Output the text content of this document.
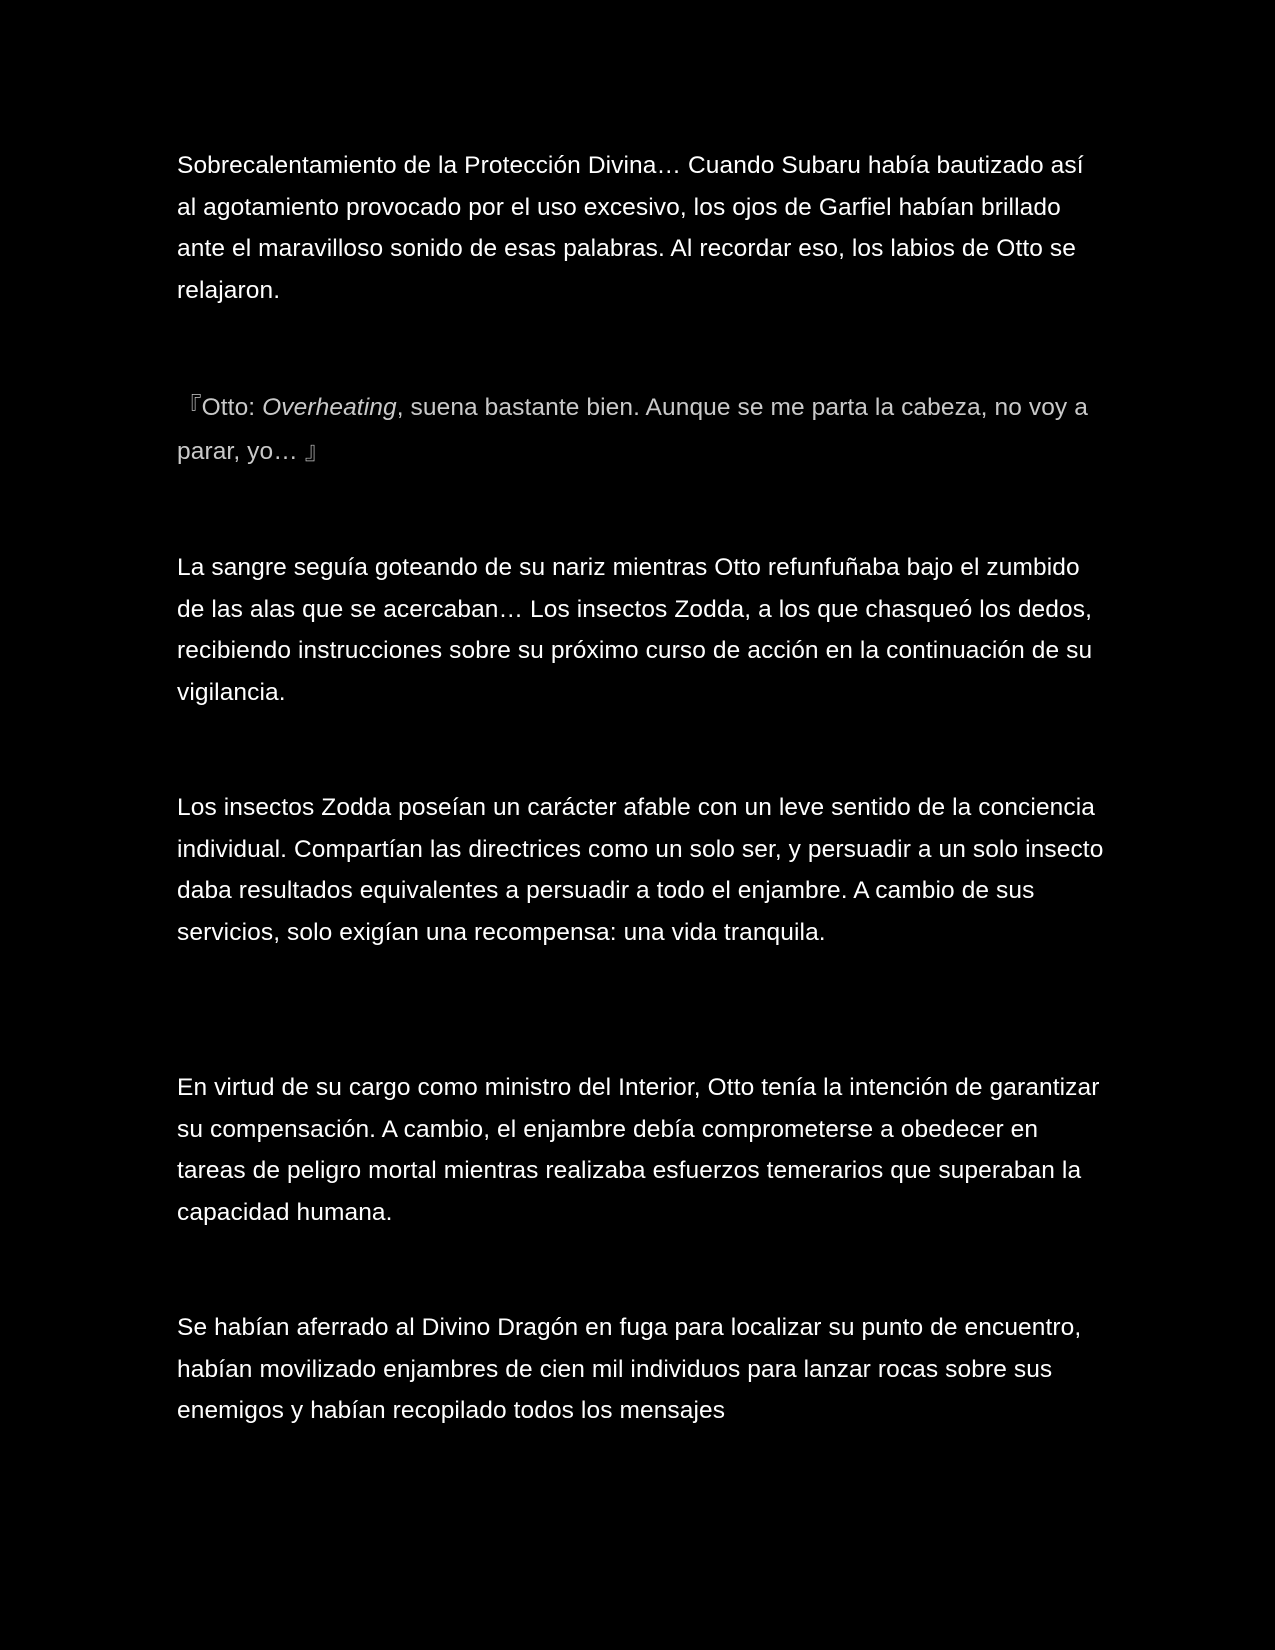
Sobrecalentamiento de la Protección Divina… Cuando Subaru había bautizado así al agotamiento provocado por el uso excesivo, los ojos de Garfiel habían brillado ante el maravilloso sonido de esas palabras. Al recordar eso, los labios de Otto se relajaron.

『Otto: Overheating, suena bastante bien. Aunque se me parta la cabeza, no voy a parar, yo… 』

La sangre seguía goteando de su nariz mientras Otto refunfuñaba bajo el zumbido de las alas que se acercaban… Los insectos Zodda, a los que chasqueó los dedos, recibiendo instrucciones sobre su próximo curso de acción en la continuación de su vigilancia.

Los insectos Zodda poseían un carácter afable con un leve sentido de la conciencia individual. Compartían las directrices como un solo ser, y persuadir a un solo insecto daba resultados equivalentes a persuadir a todo el enjambre. A cambio de sus servicios, solo exigían una recompensa: una vida tranquila.

En virtud de su cargo como ministro del Interior, Otto tenía la intención de garantizar su compensación. A cambio, el enjambre debía comprometerse a obedecer en tareas de peligro mortal mientras realizaba esfuerzos temerarios que superaban la capacidad humana.

Se habían aferrado al Divino Dragón en fuga para localizar su punto de encuentro, habían movilizado enjambres de cien mil individuos para lanzar rocas sobre sus enemigos y habían recopilado todos los mensajes
